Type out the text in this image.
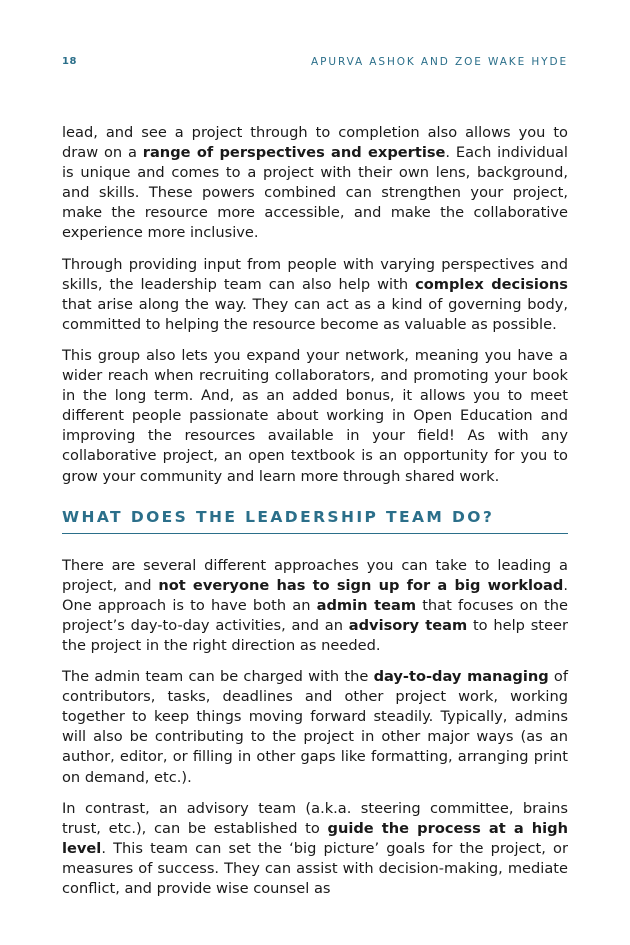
18	APURVA ASHOK AND ZOE WAKE HYDE

lead, and see a project through to completion also allows you to draw on a range of perspectives and expertise. Each individual is unique and comes to a project with their own lens, background, and skills. These powers combined can strengthen your project, make the resource more accessible, and make the collaborative experience more inclusive.

Through providing input from people with varying perspectives and skills, the leadership team can also help with complex decisions that arise along the way. They can act as a kind of governing body, committed to helping the resource become as valuable as possible.

This group also lets you expand your network, meaning you have a wider reach when recruiting collaborators, and promoting your book in the long term. And, as an added bonus, it allows you to meet different people passionate about working in Open Education and improving the resources available in your field! As with any collaborative project, an open textbook is an opportunity for you to grow your community and learn more through shared work.

WHAT DOES THE LEADERSHIP TEAM DO?

There are several different approaches you can take to leading a project, and not everyone has to sign up for a big workload. One approach is to have both an admin team that focuses on the project’s day-to-day activities, and an advisory team to help steer the project in the right direction as needed.

The admin team can be charged with the day-to-day managing of contributors, tasks, deadlines and other project work, working together to keep things moving forward steadily. Typically, admins will also be contributing to the project in other major ways (as an author, editor, or filling in other gaps like formatting, arranging print on demand, etc.).

In contrast, an advisory team (a.k.a. steering committee, brains trust, etc.), can be established to guide the process at a high level. This team can set the ‘big picture’ goals for the project, or measures of success. They can assist with decision-making, mediate conflict, and provide wise counsel as
